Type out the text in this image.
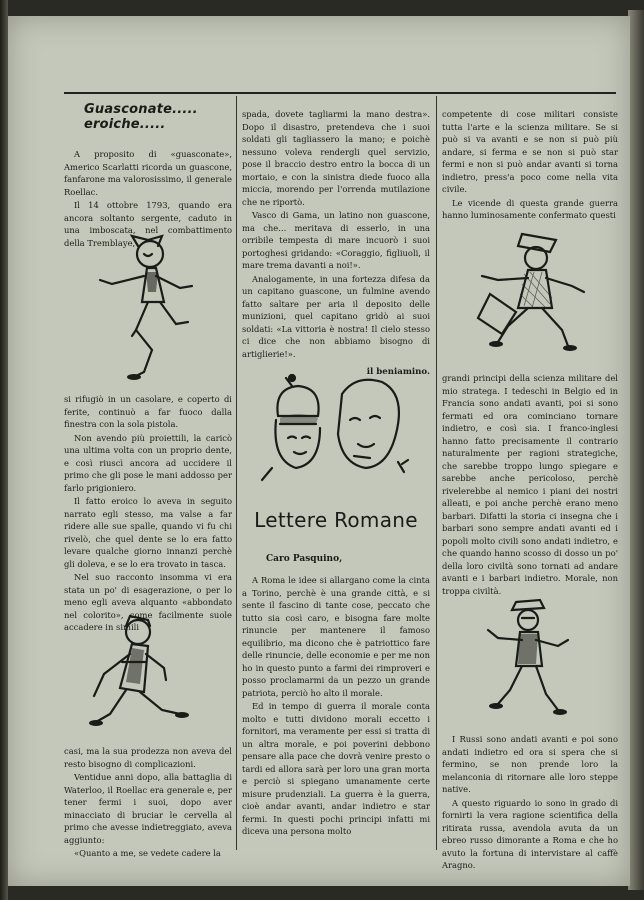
Guasconate..... eroiche.....

A proposito di «guasconate», Americo Scarlatti ricorda un guascone, fanfarone ma valorosissimo, il generale Roellac.

Il 14 ottobre 1793, quando era ancora soltanto sergente, caduto in una imboscata, nel combattimento della Tremblaye,

si rifugiò in un casolare, e coperto di ferite, continuò a far fuoco dalla finestra con la sola pistola.

Non avendo più proiettili, la caricò una ultima volta con un proprio dente, e così riuscì ancora ad uccidere il primo che gli pose le mani addosso per farlo prigioniero.

Il fatto eroico lo aveva in seguito narrato egli stesso, ma valse a far ridere alle sue spalle, quando vi fu chi rivelò, che quel dente se lo era fatto levare qualche giorno innanzi perchè gli doleva, e se lo era trovato in tasca.

Nel suo racconto insomma vi era stata un po' di esagerazione, o per lo meno egli aveva alquanto «abbondato nel colorito», come facilmente suole accadere in simili

casi, ma la sua prodezza non aveva del resto bisogno di complicazioni.

Ventidue anni dopo, alla battaglia di Waterloo, il Roellac era generale e, per tener fermi i suoi, dopo aver minacciato di bruciar le cervella al primo che avesse indietreggiato, aveva aggiunto:

«Quanto a me, se vedete cadere la

spada, dovete tagliarmi la mano destra». Dopo il disastro, pretendeva che i suoi soldati gli tagliassero la mano; e poichè nessuno voleva rendergli quel servizio, pose il braccio destro entro la bocca di un mortaio, e con la sinistra diede fuoco alla miccia, morendo per l'orrenda mutilazione che ne riportò.

Vasco di Gama, un latino non guascone, ma che... meritava di esserlo, in una orribile tempesta di mare incuorò i suoi portoghesi gridando: «Coraggio, figliuoli, il mare trema davanti a noi!».

Analogamente, in una fortezza difesa da un capitano guascone, un fulmine avendo fatto saltare per aria il deposito delle munizioni, quel capitano gridò ai suoi soldati: «La vittoria è nostra! Il cielo stesso ci dice che non abbiamo bisogno di artiglierie!».

il beniamino.

Lettere Romane
Caro Pasquino,

A Roma le idee si allargano come la cinta a Torino, perchè è una grande città, e si sente il fascino di tante cose, peccato che tutto sia così caro, e bisogna fare molte rinuncie per mantenere il famoso equilibrio, ma dicono che è patriottico fare delle rinuncie, delle economie e per me non ho in questo punto a farmi dei rimproveri e posso proclamarmi da un pezzo un grande patriota, perciò ho alto il morale.

Ed in tempo di guerra il morale conta molto e tutti dividono morali eccetto i fornitori, ma veramente per essi si tratta di un altra morale, e poi poverini debbono pensare alla pace che dovrà venire presto o tardi ed allora sarà per loro una gran morta e perciò si spiegano umanamente certe misure prudenziali. La guerra è la guerra, cioè andar avanti, andar indietro e star fermi. In questi pochi principi infatti mi diceva una persona molto

competente di cose militari consiste tutta l'arte e la scienza militare. Se si può si va avanti e se non si può più andare, si ferma e se non si può star fermi e non si può andar avanti si torna indietro, press'a poco come nella vita civile.

Le vicende di questa grande guerra hanno luminosamente confermato questi

grandi principi della scienza militare del mio stratega. I tedeschi in Belgio ed in Francia sono andati avanti, poi si sono fermati ed ora cominciano tornare indietro, e così sia. I franco-inglesi hanno fatto precisamente il contrario naturalmente per ragioni strategiche, che sarebbe troppo lungo spiegare e sarebbe anche pericoloso, perchè rivelerebbe al nemico i piani dei nostri alleati, e poi anche perchè erano meno barbari. Difatti la storia ci insegna che i barbari sono sempre andati avanti ed i popoli molto civili sono andati indietro, e che quando hanno scosso di dosso un po' della loro civiltà sono tornati ad andare avanti e i barbari indietro. Morale, non troppa civiltà.

I Russi sono andati avanti e poi sono andati indietro ed ora si spera che si fermino, se non prende loro la melanconia di ritornare alle loro steppe native.

A questo riguardo io sono in grado di fornirti la vera ragione scientifica della ritirata russa, avendola avuta da un ebreo russo dimorante a Roma e che ho avuto la fortuna di intervistare al caffè Aragno.
